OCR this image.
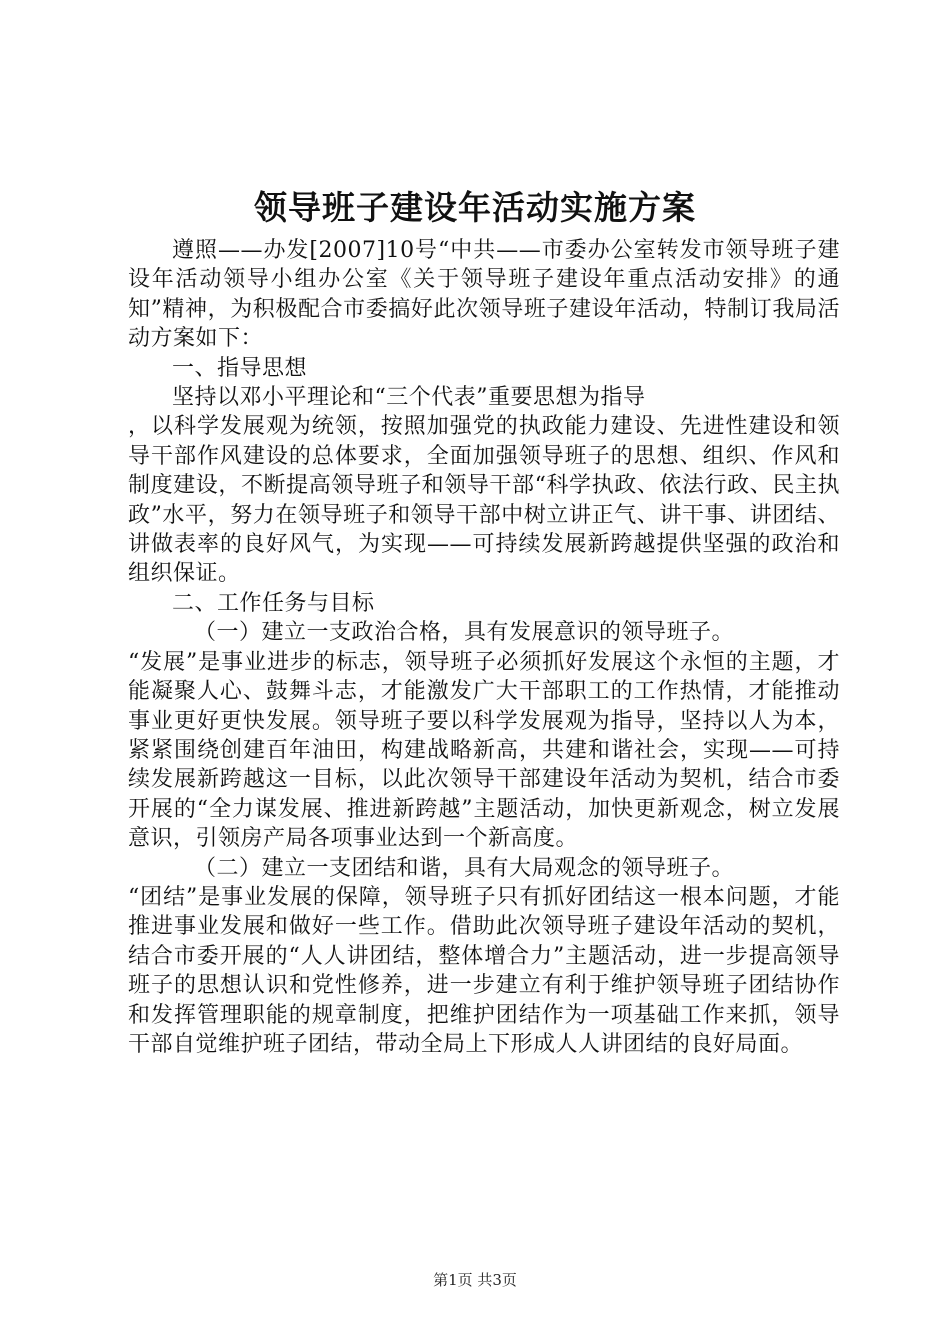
领导班子建设年活动实施方案

遵照——办发[2007]10号“中共——市委办公室转发市领导班子建设年活动领导小组办公室《关于领导班子建设年重点活动安排》的通知”精神，为积极配合市委搞好此次领导班子建设年活动，特制订我局活动方案如下：

一、指导思想

坚持以邓小平理论和“三个代表”重要思想为指导

，以科学发展观为统领，按照加强党的执政能力建设、先进性建设和领导干部作风建设的总体要求，全面加强领导班子的思想、组织、作风和制度建设，不断提高领导班子和领导干部“科学执政、依法行政、民主执政”水平，努力在领导班子和领导干部中树立讲正气、讲干事、讲团结、讲做表率的良好风气，为实现——可持续发展新跨越提供坚强的政治和组织保证。

二、工作任务与目标

（一）建立一支政治合格，具有发展意识的领导班子。

“发展”是事业进步的标志，领导班子必须抓好发展这个永恒的主题，才能凝聚人心、鼓舞斗志，才能激发广大干部职工的工作热情，才能推动事业更好更快发展。领导班子要以科学发展观为指导，坚持以人为本，紧紧围绕创建百年油田，构建战略新高，共建和谐社会，实现——可持续发展新跨越这一目标，以此次领导干部建设年活动为契机，结合市委开展的“全力谋发展、推进新跨越”主题活动，加快更新观念，树立发展意识，引领房产局各项事业达到一个新高度。

（二）建立一支团结和谐，具有大局观念的领导班子。

“团结”是事业发展的保障，领导班子只有抓好团结这一根本问题，才能推进事业发展和做好一些工作。借助此次领导班子建设年活动的契机，结合市委开展的“人人讲团结，整体增合力”主题活动，进一步提高领导班子的思想认识和党性修养，进一步建立有利于维护领导班子团结协作和发挥管理职能的规章制度，把维护团结作为一项基础工作来抓，领导干部自觉维护班子团结，带动全局上下形成人人讲团结的良好局面。

第1页 共3页
